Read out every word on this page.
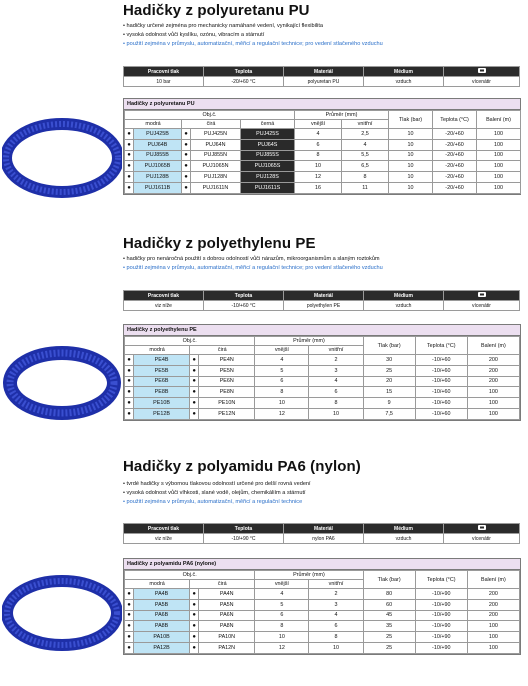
Hadičky z polyuretanu PU
• hadičky určené zejména pro mechanicky namáhané vedení, vynikající flexibilita
• vysoká odolnost vůči kyslíku, ozónu, vibracím a stárnutí
• použití zejména v průmyslu, automatizační, měřicí a regulační technice; pro vedení stlačeného vzduchu
Pracovní tlak	Teplota	Materiál	Médium	
10 bar	-20/+60 °C	polyuretan PU	vzduch	vícenátir
Hadičky z polyuretanu PU
Obj.č.					Průměr (mm)		Tlak (bar)	Teplota (°C)	Balení (m)
modrá		čirá		černá	vnější	vnitřní			
●	PUJ425B	●	PUJ425N	PUJ425S	4	2,5	10	-20/+60	100
●	PUJ64B	●	PUJ64N	PUJ64S	6	4	10	-20/+60	100
●	PUJ855B	●	PUJ855N	PUJ855S	8	5,5	10	-20/+60	100
●	PUJ1065B	●	PUJ1065N	PUJ1065S	10	6,5	10	-20/+60	100
●	PUJ128B	●	PUJ128N	PUJ128S	12	8	10	-20/+60	100
●	PUJ1611B	●	PUJ1611N	PUJ1611S	16	11	10	-20/+60	100
Hadičky z polyethylenu PE
• hadičky pro nenáročná použití s dobrou odolností vůči nárazům, mikroorganismům a slaným roztokům
• použití zejména v průmyslu, automatizační, měřicí a regulační technice; pro vedení stlačeného vzduchu
Pracovní tlak	Teplota	Materiál	Médium	
viz níže	-10/+60 °C	polyethylen PE	vzduch	vícenátir
Hadičky z polyethylenu PE
Obj.č.				Průměr (mm)		Tlak (bar)	Teplota (°C)	Balení (m)
modrá		čirá		vnější	vnitřní			
●	PE4B	●	PE4N	4	2	30	-10/+60	200
●	PE5B	●	PE5N	5	3	25	-10/+60	200
●	PE6B	●	PE6N	6	4	20	-10/+60	200
●	PE8B	●	PE8N	8	6	15	-10/+60	100
●	PE10B	●	PE10N	10	8	9	-10/+60	100
●	PE12B	●	PE12N	12	10	7,5	-10/+60	100
Hadičky z polyamidu PA6 (nylon)
• tvrdé hadičky s výbornou tlakovou odolností určené pro delší rovná vedení
• vysoká odolnost vůči vlhkosti, slané vodě, olejům, chemikáliím a stárnutí
• použití zejména v průmyslu, automatizační, měřicí a regulační technice
Pracovní tlak	Teplota	Materiál	Médium	
viz níže	-10/+90 °C	nylon PA6	vzduch	vícenátir
Hadičky z polyamidu PA6 (nylone)
Obj.č.				Průměr (mm)		Tlak (bar)	Teplota (°C)	Balení (m)
modrá		čirá		vnější	vnitřní			
●	PA4B	●	PA4N	4	2	80	-10/+90	200
●	PA5B	●	PA5N	5	3	60	-10/+90	200
●	PA6B	●	PA6N	6	4	45	-10/+90	200
●	PA8B	●	PA8N	8	6	35	-10/+90	100
●	PA10B	●	PA10N	10	8	25	-10/+90	100
●	PA12B	●	PA12N	12	10	25	-10/+90	100
